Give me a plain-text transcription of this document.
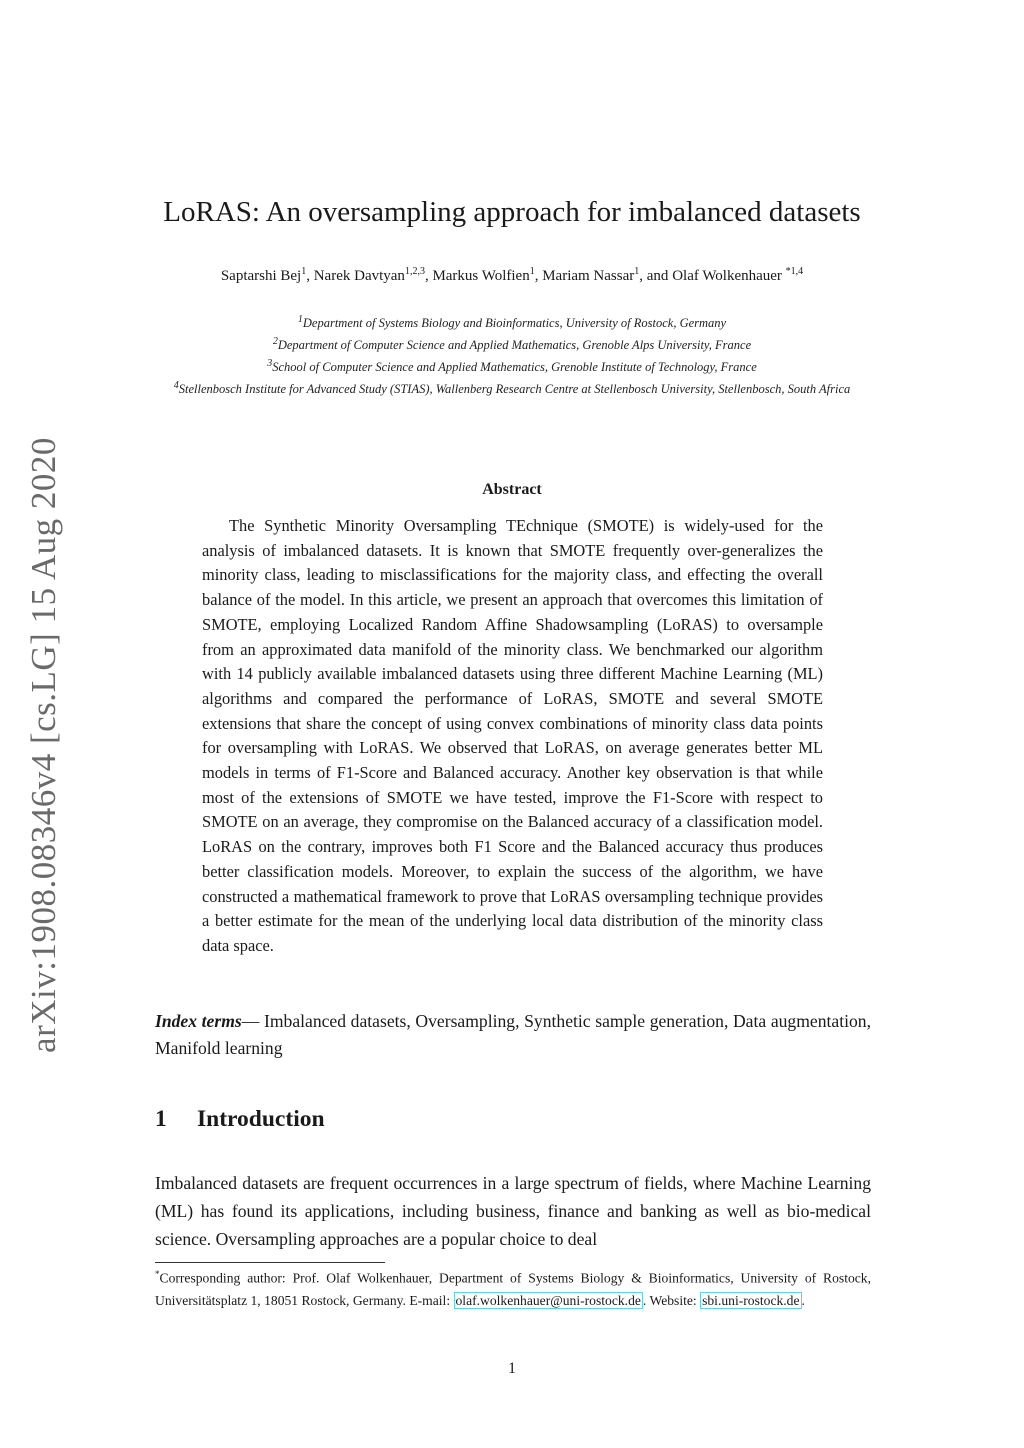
arXiv:1908.08346v4 [cs.LG] 15 Aug 2020
LoRAS: An oversampling approach for imbalanced datasets
Saptarshi Bej$^1$, Narek Davtyan$^{1,2,3}$, Markus Wolfien$^1$, Mariam Nassar$^1$, and Olaf Wolkenhauer $^{*1,4}$
$^1$Department of Systems Biology and Bioinformatics, University of Rostock, Germany
$^2$Department of Computer Science and Applied Mathematics, Grenoble Alps University, France
$^3$School of Computer Science and Applied Mathematics, Grenoble Institute of Technology, France
$^4$Stellenbosch Institute for Advanced Study (STIAS), Wallenberg Research Centre at Stellenbosch University, Stellenbosch, South Africa
Abstract
The Synthetic Minority Oversampling TEchnique (SMOTE) is widely-used for the analysis of imbalanced datasets. It is known that SMOTE frequently over-generalizes the minority class, leading to misclassifications for the majority class, and effecting the overall balance of the model. In this article, we present an approach that overcomes this limitation of SMOTE, employing Localized Random Affine Shadowsampling (LoRAS) to oversample from an approximated data manifold of the minority class. We benchmarked our algorithm with 14 publicly available imbalanced datasets using three different Machine Learning (ML) algorithms and compared the performance of LoRAS, SMOTE and several SMOTE extensions that share the concept of using convex combinations of minority class data points for oversampling with LoRAS. We observed that LoRAS, on average generates better ML models in terms of F1-Score and Balanced accuracy. Another key observation is that while most of the extensions of SMOTE we have tested, improve the F1-Score with respect to SMOTE on an average, they compromise on the Balanced accuracy of a classification model. LoRAS on the contrary, improves both F1 Score and the Balanced accuracy thus produces better classification models. Moreover, to explain the success of the algorithm, we have constructed a mathematical framework to prove that LoRAS oversampling technique provides a better estimate for the mean of the underlying local data distribution of the minority class data space.
Index terms— Imbalanced datasets, Oversampling, Synthetic sample generation, Data augmentation, Manifold learning
1 Introduction
Imbalanced datasets are frequent occurrences in a large spectrum of fields, where Machine Learning (ML) has found its applications, including business, finance and banking as well as bio-medical science. Oversampling approaches are a popular choice to deal
*Corresponding author: Prof. Olaf Wolkenhauer, Department of Systems Biology & Bioinformatics, University of Rostock, Universitätsplatz 1, 18051 Rostock, Germany. E-mail: olaf.wolkenhauer@uni-rostock.de . Website: sbi.uni-rostock.de .
1
